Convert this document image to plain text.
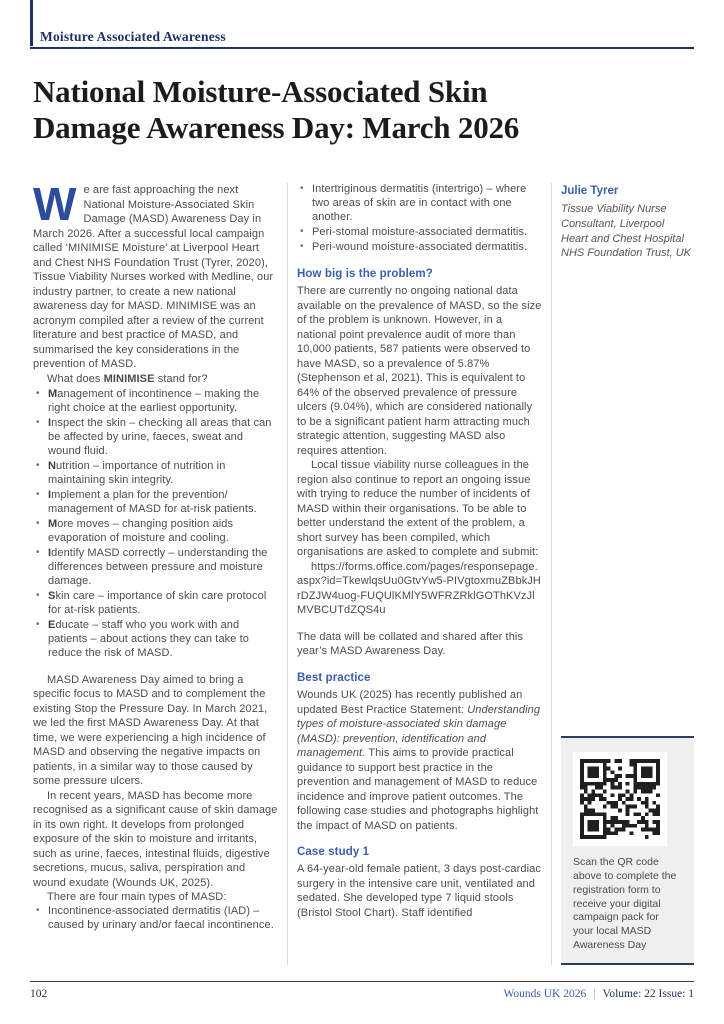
Moisture Associated Awareness
National Moisture-Associated Skin
Damage Awareness Day: March 2026

We are fast approaching the next National Moisture-Associated Skin Damage (MASD) Awareness Day in March 2026. After a successful local campaign called ‘MINIMISE Moisture’ at Liverpool Heart and Chest NHS Foundation Trust (Tyrer, 2020), Tissue Viability Nurses worked with Medline, our industry partner, to create a new national awareness day for MASD. MINIMISE was an acronym compiled after a review of the current literature and best practice of MASD, and summarised the key considerations in the prevention of MASD.

What does MINIMISE stand for?

• Management of incontinence – making the right choice at the earliest opportunity.
• Inspect the skin – checking all areas that can be affected by urine, faeces, sweat and wound fluid.
• Nutrition – importance of nutrition in maintaining skin integrity.
• Implement a plan for the prevention/ management of MASD for at-risk patients.
• More moves – changing position aids evaporation of moisture and cooling.
• Identify MASD correctly – understanding the differences between pressure and moisture damage.
• Skin care – importance of skin care protocol for at-risk patients.
• Educate – staff who you work with and patients – about actions they can take to reduce the risk of MASD.

MASD Awareness Day aimed to bring a specific focus to MASD and to complement the existing Stop the Pressure Day. In March 2021, we led the first MASD Awareness Day. At that time, we were experiencing a high incidence of MASD and observing the negative impacts on patients, in a similar way to those caused by some pressure ulcers.

In recent years, MASD has become more recognised as a significant cause of skin damage in its own right. It develops from prolonged exposure of the skin to moisture and irritants, such as urine, faeces, intestinal fluids, digestive secretions, mucus, saliva, perspiration and wound exudate (Wounds UK, 2025).

There are four main types of MASD:

• Incontinence-associated dermatitis (IAD) – caused by urinary and/or faecal incontinence.
• Intertriginous dermatitis (intertrigo) – where two areas of skin are in contact with one another.
• Peri-stomal moisture-associated dermatitis.
• Peri-wound moisture-associated dermatitis.
How big is the problem?

There are currently no ongoing national data available on the prevalence of MASD, so the size of the problem is unknown. However, in a national point prevalence audit of more than 10,000 patients, 587 patients were observed to have MASD, so a prevalence of 5.87% (Stephenson et al, 2021). This is equivalent to 64% of the observed prevalence of pressure ulcers (9.04%), which are considered nationally to be a significant patient harm attracting much strategic attention, suggesting MASD also requires attention.

Local tissue viability nurse colleagues in the region also continue to report an ongoing issue with trying to reduce the number of incidents of MASD within their organisations. To be able to better understand the extent of the problem, a short survey has been compiled, which organisations are asked to complete and submit:

https://forms.office.com/pages/responsepage.aspx?id=TkewlqsUu0GtvYw5-PIVgtoxmuZBbkJHrDZJW4uog-FUQUlKMlY5WFRZRklGOThKVzJlMVBCUTdZQS4u

The data will be collated and shared after this year’s MASD Awareness Day.

Best practice

Wounds UK (2025) has recently published an updated Best Practice Statement: Understanding types of moisture-associated skin damage (MASD): prevention, identification and management. This aims to provide practical guidance to support best practice in the prevention and management of MASD to reduce incidence and improve patient outcomes. The following case studies and photographs highlight the impact of MASD on patients.

Case study 1

A 64-year-old female patient, 3 days post-cardiac surgery in the intensive care unit, ventilated and sedated. She developed type 7 liquid stools (Bristol Stool Chart). Staff identified

Julie Tyrer
Tissue Viability Nurse Consultant, Liverpool Heart and Chest Hospital NHS Foundation Trust, UK
Scan the QR code above to complete the registration form to receive your digital campaign pack for your local MASD Awareness Day
102	Wounds UK 2026 | Volume: 22 Issue: 1
